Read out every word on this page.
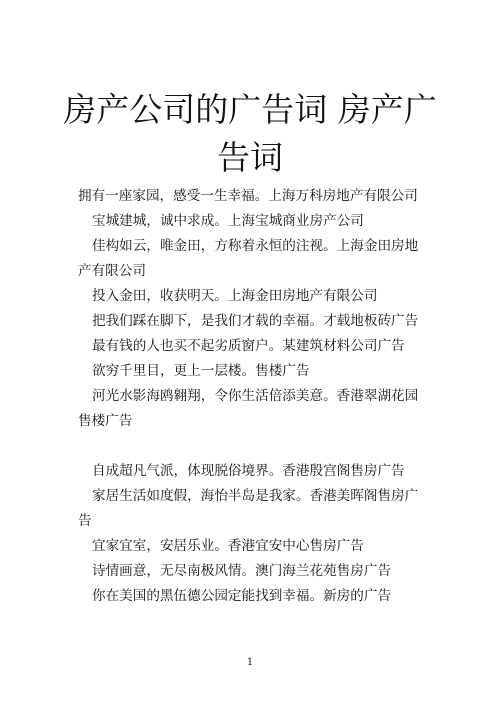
房产公司的广告词 房产广告词

拥有一座家园，感受一生幸福。上海万科房地产有限公司

宝城建城，诚中求成。上海宝城商业房产公司

佳构如云，唯金田，方称着永恒的注视。上海金田房地产有限公司

投入金田，收获明天。上海金田房地产有限公司

把我们踩在脚下，是我们才载的幸福。才载地板砖广告

最有钱的人也买不起劣质窗户。某建筑材料公司广告

欲穷千里目，更上一层楼。售楼广告

河光水影海鸥翱翔，令你生活倍添美意。香港翠湖花园售楼广告

自成超凡气派，体现脱俗境界。香港殷宫阁售房广告

家居生活如度假，海怡半岛是我家。香港美晖阁售房广告

宜家宜室，安居乐业。香港宜安中心售房广告

诗情画意，无尽南极风情。澳门海兰花苑售房广告

你在美国的黑伍德公园定能找到幸福。新房的广告

1
